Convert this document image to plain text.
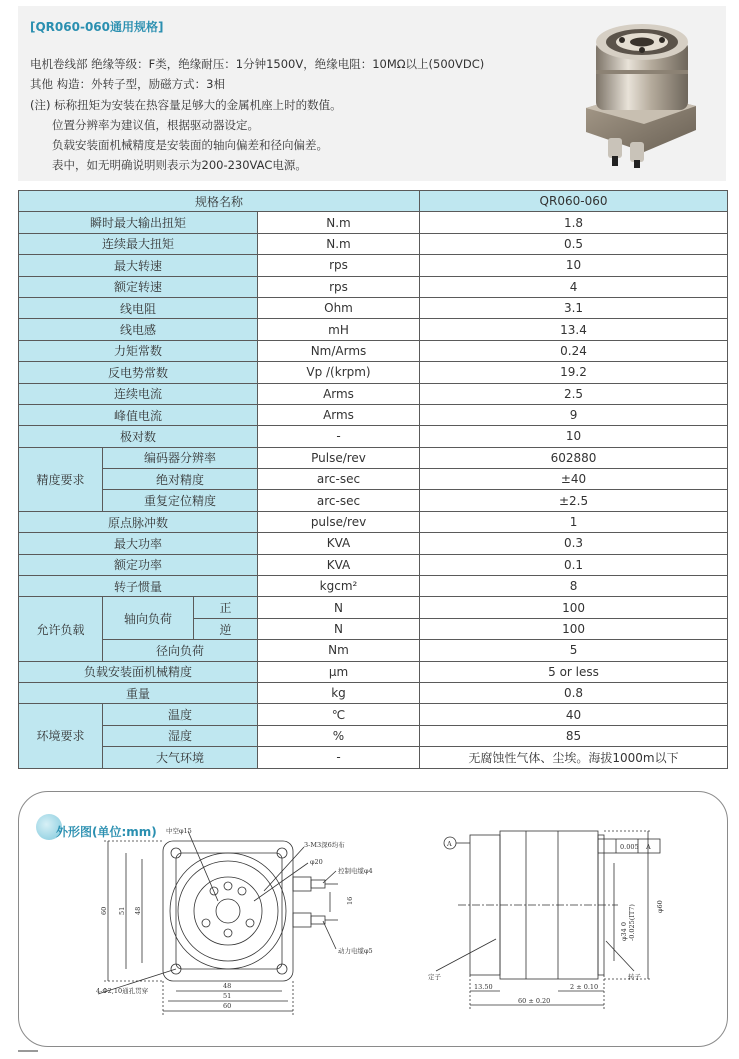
[QR060-060通用规格]
电机卷线部 绝缘等级：F类，绝缘耐压：1分钟1500V，绝缘电阻：10MΩ以上(500VDC)
其他 构造：外转子型，励磁方式：3相
(注) 标称扭矩为安装在热容量足够大的金属机座上时的数值。
位置分辨率为建议值，根据驱动器设定。
负载安装面机械精度是安装面的轴向偏差和径向偏差。
表中，如无明确说明则表示为200-230VAC电源。
规格名称				QR060-060
瞬时最大输出扭矩			N.m	1.8
连续最大扭矩			N.m	0.5
最大转速			rps	10
额定转速			rps	4
线电阻			Ohm	3.1
线电感			mH	13.4
力矩常数			Nm/Arms	0.24
反电势常数			Vp /(krpm)	19.2
连续电流			Arms	2.5
峰值电流			Arms	9
极对数			-	10
精度要求	编码器分辨率		Pulse/rev	602880
	绝对精度		arc-sec	±40
	重复定位精度		arc-sec	±2.5
原点脉冲数			pulse/rev	1
最大功率			KVA	0.3
额定功率			KVA	0.1
转子惯量			kgcm²	8
允许负载	轴向负荷	正	N	100
		逆	N	100
	径向负荷		Nm	5
负载安装面机械精度			μm	5 or less
重量			kg	0.8
环境要求	温度		℃	40
	湿度		%	85
	大气环境		-	无腐蚀性气体、尘埃。海拔1000m以下
外形图(单位:mm) 中空φ15
3-M3深6均布
φ20
控制电缆φ4
动力电缆φ5
16
60 51 48
48
51
60
4-Φ2,10通孔贯穿
A	0.005 A
φ34 0 -0.025(IT7)	φ60
定子	转子
13.50	2 ± 0.10
60 ± 0.20
